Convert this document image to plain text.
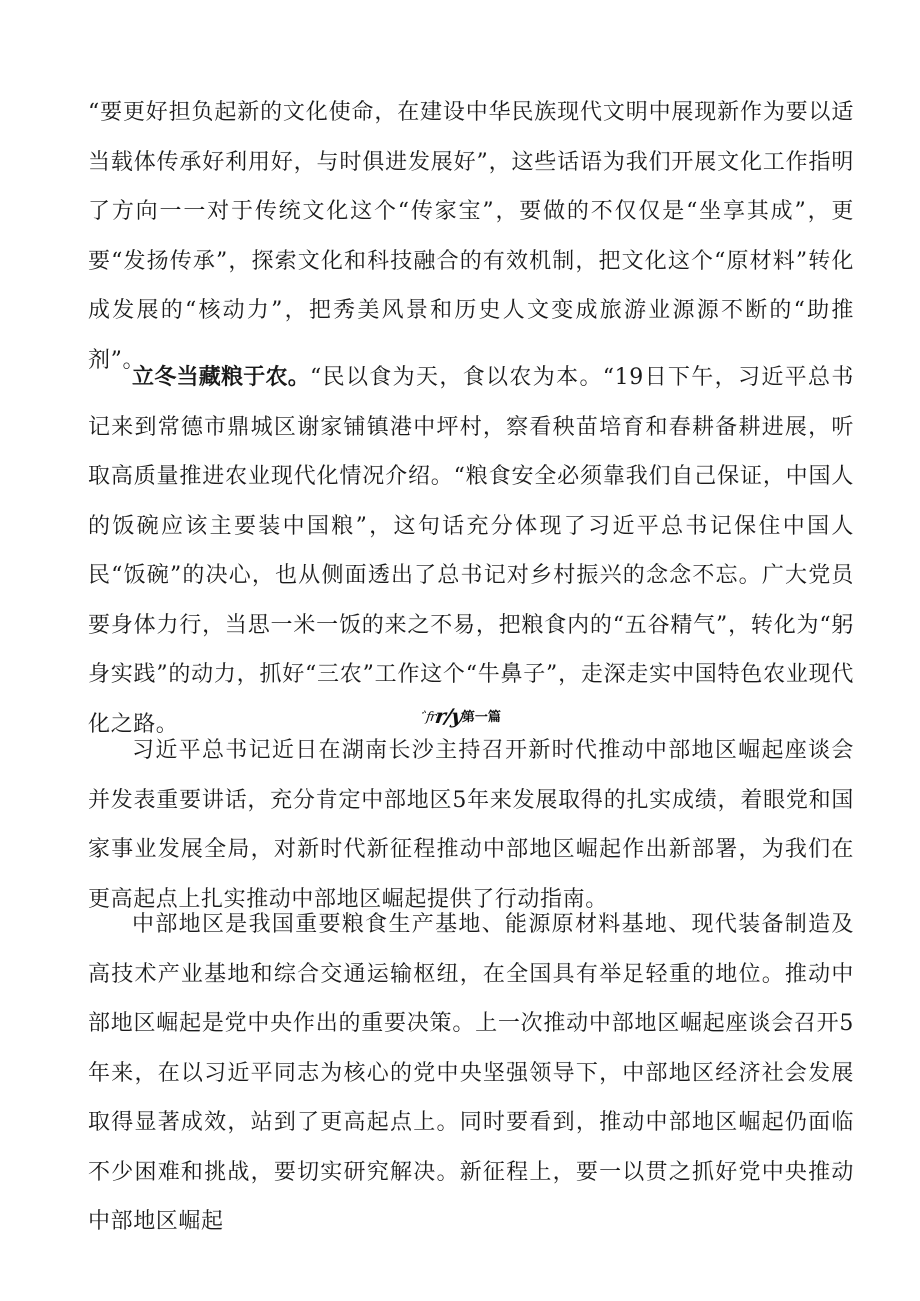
“要更好担负起新的文化使命，在建设中华民族现代文明中展现新作为要以适当载体传承好利用好，与时俱进发展好”，这些话语为我们开展文化工作指明了方向一一对于传统文化这个“传家宝”，要做的不仅仅是“坐享其成”，更要“发扬传承”，探索文化和科技融合的有效机制，把文化这个“原材料”转化成发展的“核动力”，把秀美风景和历史人文变成旅游业源源不断的“助推剂”。

立冬当藏粮于农。“民以食为天，食以农为本。“19日下午，习近平总书记来到常德市鼎城区谢家铺镇港中坪村，察看秧苗培育和春耕备耕进展，听取高质量推进农业现代化情况介绍。“粮食安全必须靠我们自己保证，中国人的饭碗应该主要装中国粮”，这句话充分体现了习近平总书记保住中国人民“饭碗”的决心，也从侧面透出了总书记对乡村振兴的念念不忘。广大党员要身体力行，当思一米一饭的来之不易，把粮食内的“五谷精气”，转化为“躬身实践”的动力，抓好“三农”工作这个“牛鼻子”，走深走实中国特色农业现代化之路。	་`frr/y第一篇

习近平总书记近日在湖南长沙主持召开新时代推动中部地区崛起座谈会并发表重要讲话，充分肯定中部地区5年来发展取得的扎实成绩，着眼党和国家事业发展全局，对新时代新征程推动中部地区崛起作出新部署，为我们在更高起点上扎实推动中部地区崛起提供了行动指南。

中部地区是我国重要粮食生产基地、能源原材料基地、现代装备制造及高技术产业基地和综合交通运输枢纽，在全国具有举足轻重的地位。推动中部地区崛起是党中央作出的重要决策。上一次推动中部地区崛起座谈会召开5年来，在以习近平同志为核心的党中央坚强领导下，中部地区经济社会发展取得显著成效，站到了更高起点上。同时要看到，推动中部地区崛起仍面临不少困难和挑战，要切实研究解决。新征程上，要一以贯之抓好党中央推动中部地区崛起
